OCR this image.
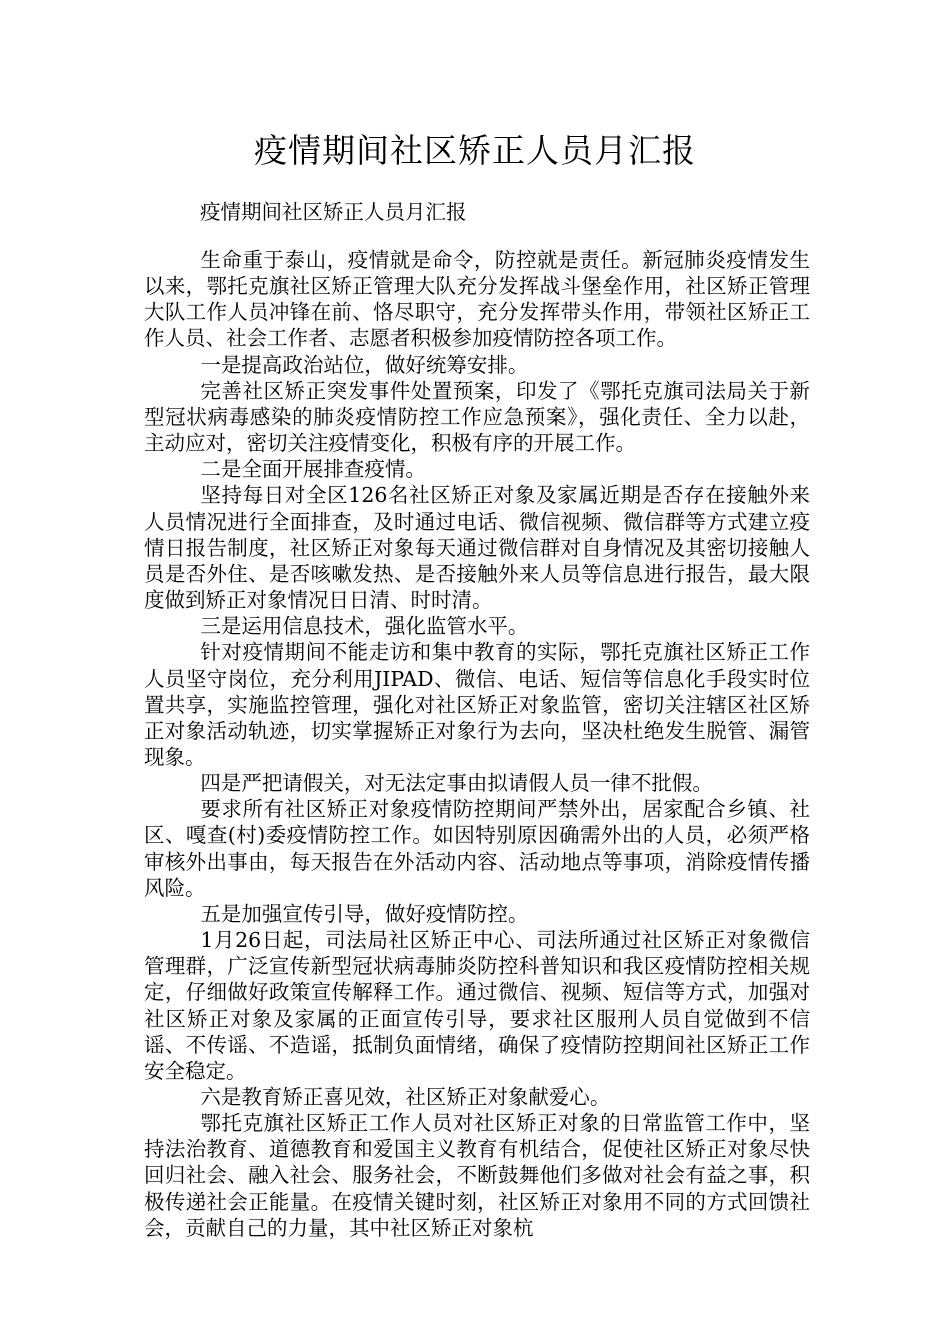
疫情期间社区矫正人员月汇报
疫情期间社区矫正人员月汇报

生命重于泰山，疫情就是命令，防控就是责任。新冠肺炎疫情发生以来，鄂托克旗社区矫正管理大队充分发挥战斗堡垒作用，社区矫正管理大队工作人员冲锋在前、恪尽职守，充分发挥带头作用，带领社区矫正工作人员、社会工作者、志愿者积极参加疫情防控各项工作。

一是提高政治站位，做好统筹安排。

完善社区矫正突发事件处置预案，印发了《鄂托克旗司法局关于新型冠状病毒感染的肺炎疫情防控工作应急预案》，强化责任、全力以赴，主动应对，密切关注疫情变化，积极有序的开展工作。

二是全面开展排查疫情。

坚持每日对全区126名社区矫正对象及家属近期是否存在接触外来人员情况进行全面排查，及时通过电话、微信视频、微信群等方式建立疫情日报告制度，社区矫正对象每天通过微信群对自身情况及其密切接触人员是否外住、是否咳嗽发热、是否接触外来人员等信息进行报告，最大限度做到矫正对象情况日日清、时时清。

三是运用信息技术，强化监管水平。

针对疫情期间不能走访和集中教育的实际，鄂托克旗社区矫正工作人员坚守岗位，充分利用JIPAD、微信、电话、短信等信息化手段实时位置共享，实施监控管理，强化对社区矫正对象监管，密切关注辖区社区矫正对象活动轨迹，切实掌握矫正对象行为去向，坚决杜绝发生脱管、漏管现象。

四是严把请假关，对无法定事由拟请假人员一律不批假。

要求所有社区矫正对象疫情防控期间严禁外出，居家配合乡镇、社区、嘎查(村)委疫情防控工作。如因特别原因确需外出的人员，必须严格审核外出事由，每天报告在外活动内容、活动地点等事项，消除疫情传播风险。

五是加强宣传引导，做好疫情防控。

1月26日起，司法局社区矫正中心、司法所通过社区矫正对象微信管理群，广泛宣传新型冠状病毒肺炎防控科普知识和我区疫情防控相关规定，仔细做好政策宣传解释工作。通过微信、视频、短信等方式，加强对社区矫正对象及家属的正面宣传引导，要求社区服刑人员自觉做到不信谣、不传谣、不造谣，抵制负面情绪，确保了疫情防控期间社区矫正工作安全稳定。

六是教育矫正喜见效，社区矫正对象献爱心。

鄂托克旗社区矫正工作人员对社区矫正对象的日常监管工作中，坚持法治教育、道德教育和爱国主义教育有机结合，促使社区矫正对象尽快回归社会、融入社会、服务社会，不断鼓舞他们多做对社会有益之事，积极传递社会正能量。在疫情关键时刻，社区矫正对象用不同的方式回馈社会，贡献自己的力量，其中社区矫正对象杭
